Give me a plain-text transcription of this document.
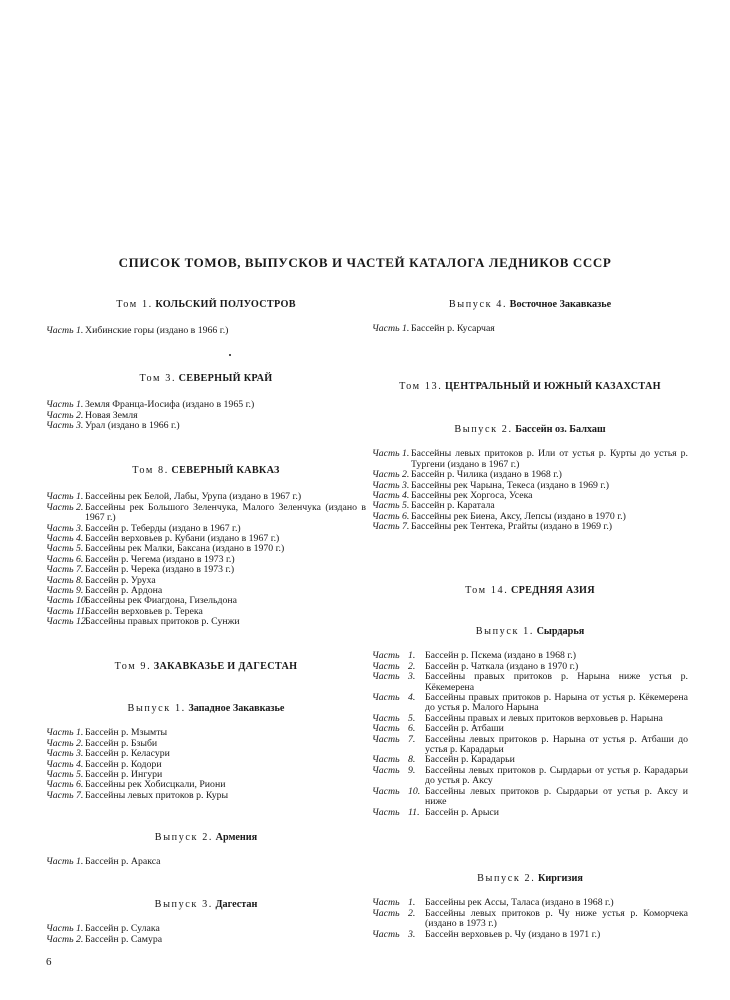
СПИСОК ТОМОВ, ВЫПУСКОВ И ЧАСТЕЙ КАТАЛОГА ЛЕДНИКОВ СССР

Том 1. КОЛЬСКИЙ ПОЛУОСТРОВ

Часть 1. Хибинские горы (издано в 1966 г.)

Том 3. СЕВЕРНЫЙ КРАЙ

Часть 1. Земля Франца-Иосифа (издано в 1965 г.)
Часть 2. Новая Земля
Часть 3. Урал (издано в 1966 г.)

Том 8. СЕВЕРНЫЙ КАВКАЗ

Часть 1. Бассейны рек Белой, Лабы, Урупа (издано в 1967 г.)
Часть 2. Бассейны рек Большого Зеленчука, Малого Зеленчука (издано в 1967 г.)
Часть 3. Бассейн р. Теберды (издано в 1967 г.)
Часть 4. Бассейн верховьев р. Кубани (издано в 1967 г.)
Часть 5. Бассейны рек Малки, Баксана (издано в 1970 г.)
Часть 6. Бассейн р. Чегема (издано в 1973 г.)
Часть 7. Бассейн р. Черека (издано в 1973 г.)
Часть 8. Бассейн р. Уруха
Часть 9. Бассейн р. Ардона
Часть 10.
Бассейны рек Фиагдона, Гизельдона
Часть 11.
Бассейн верховьев р. Терека
Часть 12.
Бассейны правых притоков р. Сунжи

Том 9. ЗАКАВКАЗЬЕ И ДАГЕСТАН

Выпуск 1. Западное Закавказье

Часть 1. Бассейн р. Мзымты
Часть 2. Бассейн р. Бзыби
Часть 3. Бассейн р. Келасури
Часть 4. Бассейн р. Кодори
Часть 5. Бассейн р. Ингури
Часть 6. Бассейны рек Хобисцкали, Риони
Часть 7. Бассейны левых притоков р. Куры

Выпуск 2. Армения

Часть 1. Бассейн р. Аракса

Выпуск 3. Дагестан

Часть 1. Бассейн р. Сулака
Часть 2. Бассейн р. Самура

Выпуск 4. Восточное Закавказье

Часть 1. Бассейн р. Кусарчая

Том 13. ЦЕНТРАЛЬНЫЙ И ЮЖНЫЙ КАЗАХСТАН

Выпуск 2. Бассейн оз. Балхаш

Часть 1. Бассейны левых притоков р. Или от устья р. Курты до устья р. Тургени (издано в 1967 г.)
Часть 2. Бассейн р. Чилика (издано в 1968 г.)
Часть 3. Бассейны рек Чарына, Текеса (издано в 1969 г.)
Часть 4. Бассейны рек Хоргоса, Усека
Часть 5. Бассейн р. Каратала
Часть 6. Бассейны рек Биена, Аксу, Лепсы (издано в 1970 г.)
Часть 7. Бассейны рек Тентека, Ргайты (издано в 1969 г.)

Том 14. СРЕДНЯЯ АЗИЯ

Выпуск 1. Сырдарья

Часть 1. Бассейн р. Пскема (издано в 1968 г.)
Часть 2. Бассейн р. Чаткала (издано в 1970 г.)
Часть 3. Бассейны правых притоков р. Нарына ниже устья р. Кёкемерена
Часть 4. Бассейны правых притоков р. Нарына от устья р. Кёкемерена до устья р. Малого Нарына
Часть 5. Бассейны правых и левых притоков верховьев р. Нарына
Часть 6. Бассейн р. Атбаши
Часть 7. Бассейны левых притоков р. Нарына от устья р. Атбаши до устья р. Карадарьи
Часть 8. Бассейн р. Карадарьи
Часть 9. Бассейны левых притоков р. Сырдарьи от устья р. Карадарьи до устья р. Аксу
Часть 10. Бассейны левых притоков р. Сырдарьи от устья р. Аксу и ниже
Часть 11. Бассейн р. Арыси

Выпуск 2. Киргизия

Часть 1. Бассейны рек Ассы, Таласа (издано в 1968 г.)
Часть 2. Бассейны левых притоков р. Чу ниже устья р. Коморчека (издано в 1973 г.)
Часть 3. Бассейн верховьев р. Чу (издано в 1971 г.)
6
